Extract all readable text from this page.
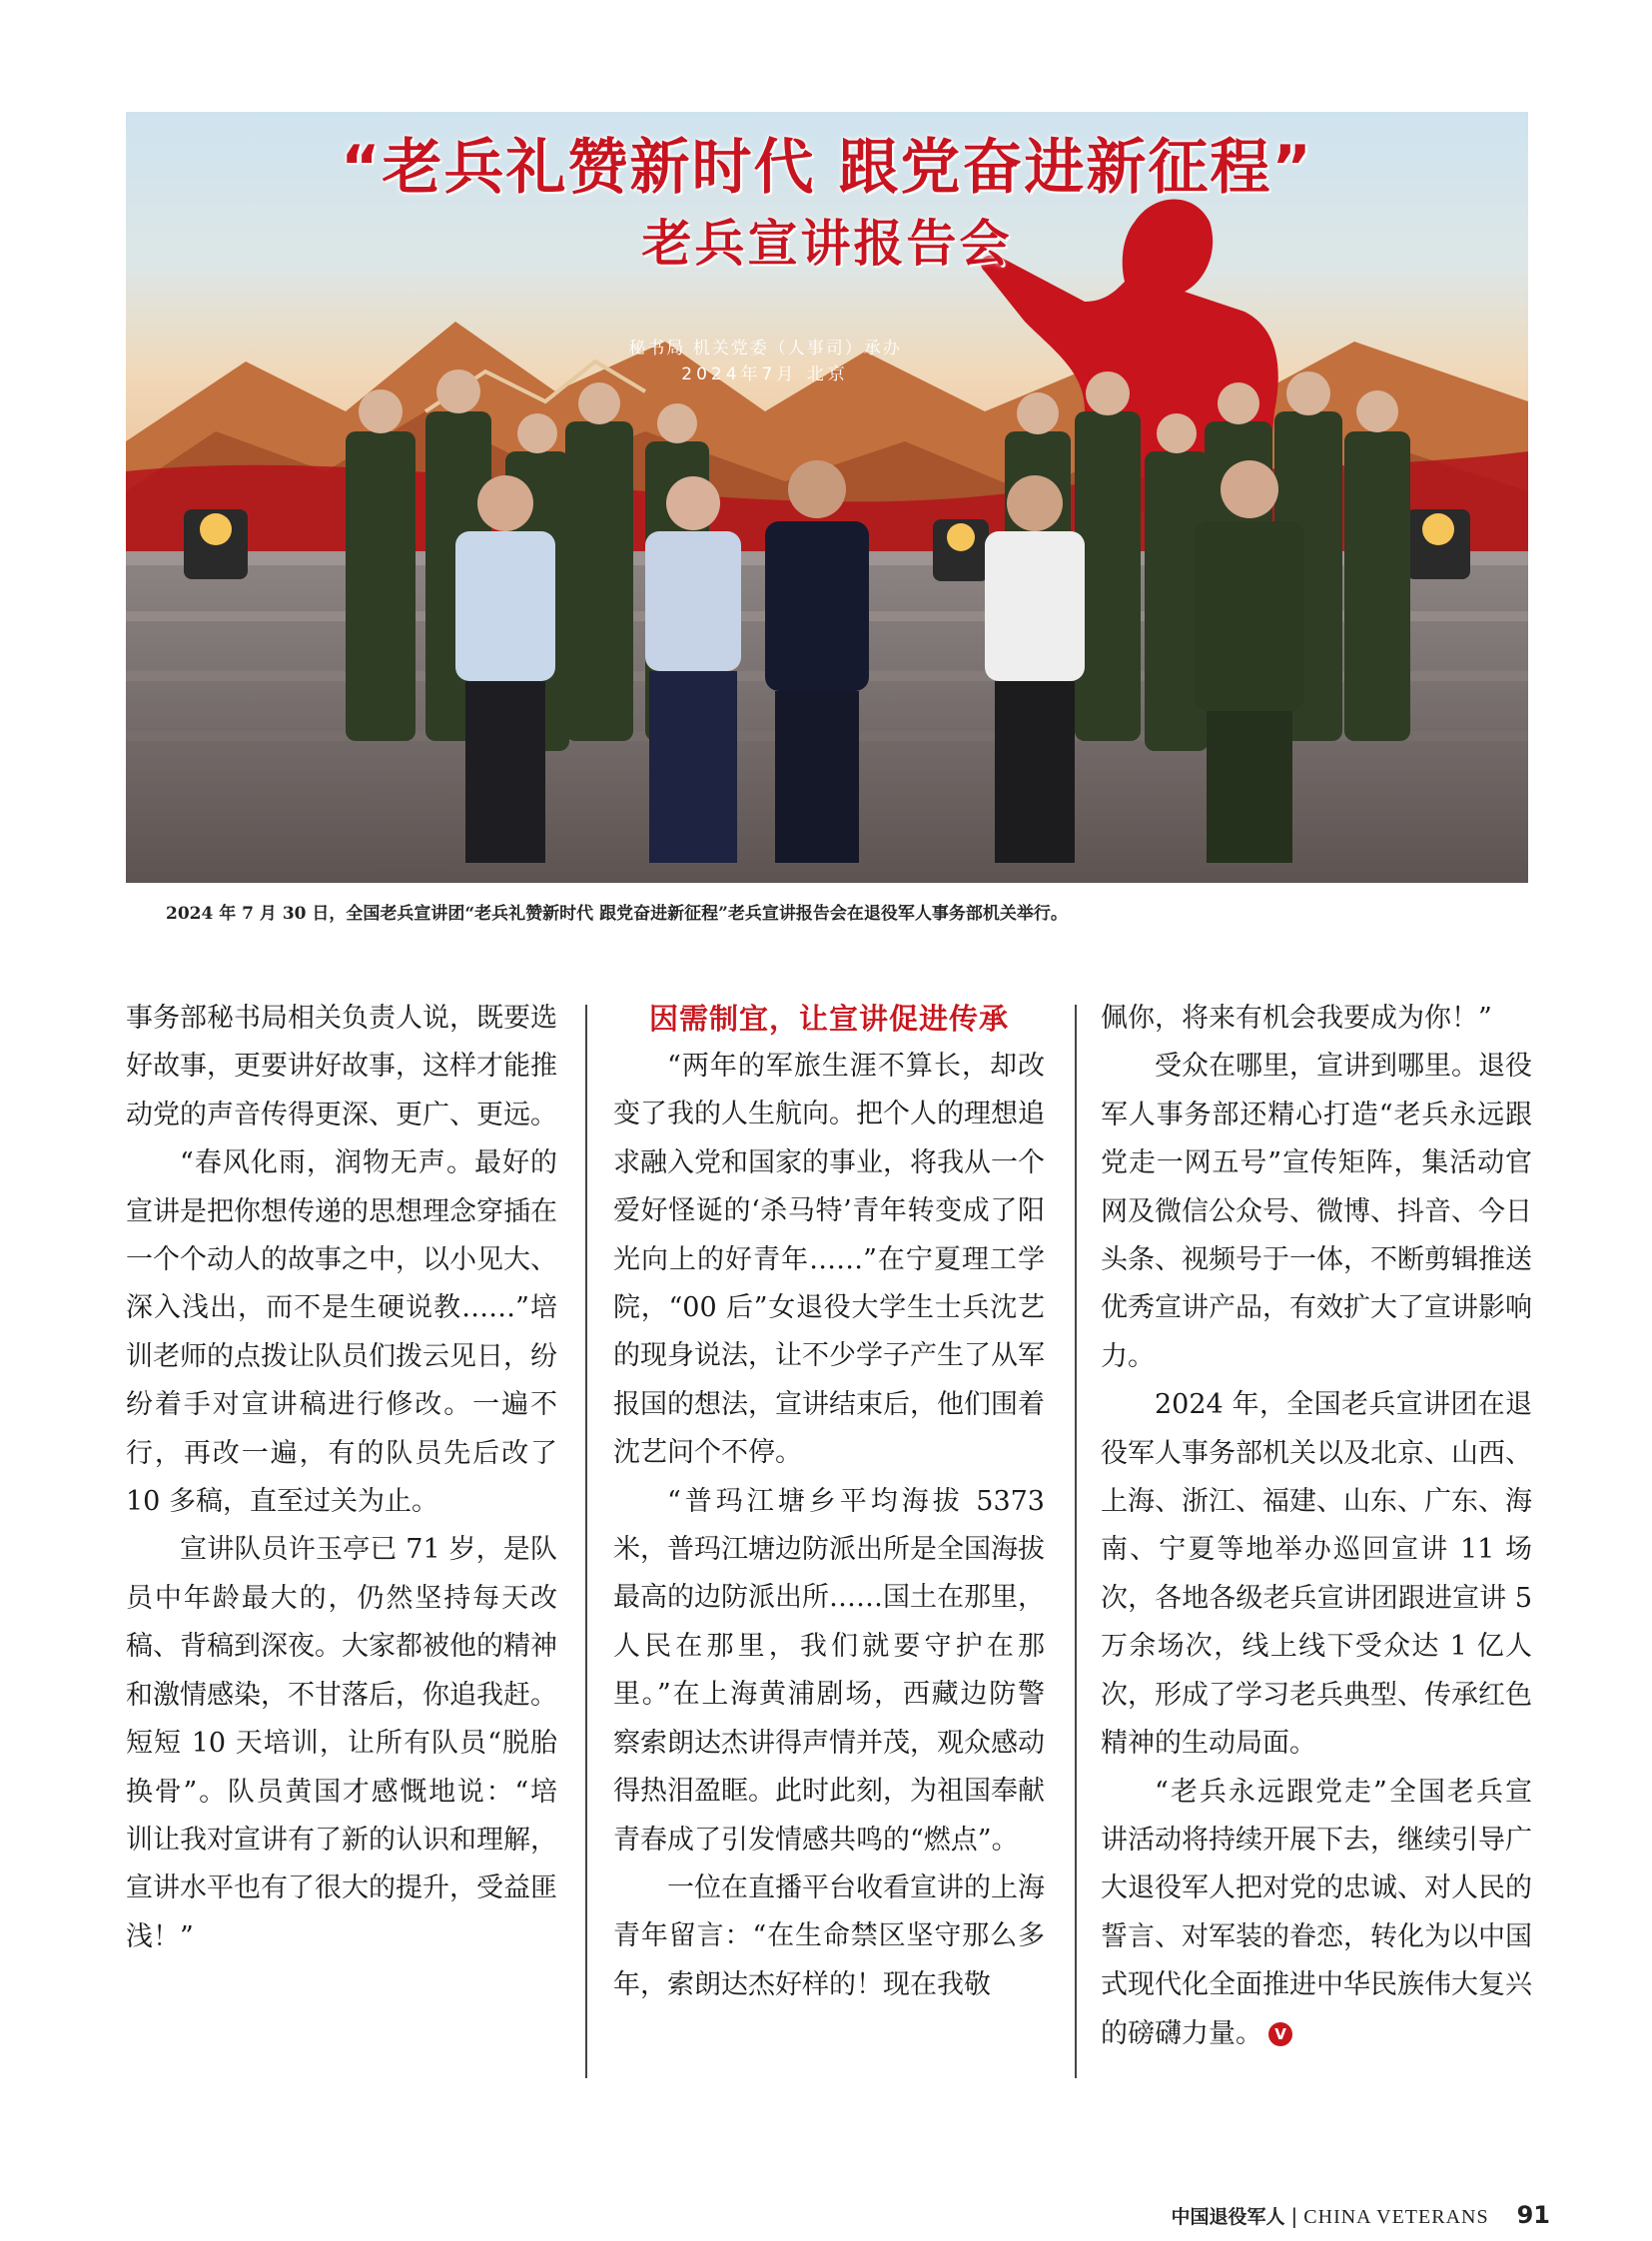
“老兵礼赞新时代 跟党奋进新征程”
老兵宣讲报告会
秘书局 机关党委（人事司）承办
2024年7月 北京
2024 年 7 月 30 日，全国老兵宣讲团“老兵礼赞新时代 跟党奋进新征程”老兵宣讲报告会在退役军人事务部机关举行。

事务部秘书局相关负责人说，既要选好故事，更要讲好故事，这样才能推动党的声音传得更深、更广、更远。

“春风化雨，润物无声。最好的宣讲是把你想传递的思想理念穿插在一个个动人的故事之中，以小见大、深入浅出，而不是生硬说教……”培训老师的点拨让队员们拨云见日，纷纷着手对宣讲稿进行修改。一遍不行，再改一遍，有的队员先后改了 10 多稿，直至过关为止。

宣讲队员许玉亭已 71 岁，是队员中年龄最大的，仍然坚持每天改稿、背稿到深夜。大家都被他的精神和激情感染，不甘落后，你追我赶。短短 10 天培训，让所有队员“脱胎换骨”。队员黄国才感慨地说：“培训让我对宣讲有了新的认识和理解，宣讲水平也有了很大的提升，受益匪浅！”

因需制宜，让宣讲促进传承

“两年的军旅生涯不算长，却改变了我的人生航向。把个人的理想追求融入党和国家的事业，将我从一个爱好怪诞的‘杀马特’青年转变成了阳光向上的好青年……”在宁夏理工学院，“00 后”女退役大学生士兵沈艺的现身说法，让不少学子产生了从军报国的想法，宣讲结束后，他们围着沈艺问个不停。

“普玛江塘乡平均海拔 5373 米，普玛江塘边防派出所是全国海拔最高的边防派出所……国土在那里，人民在那里，我们就要守护在那里。”在上海黄浦剧场，西藏边防警察索朗达杰讲得声情并茂，观众感动得热泪盈眶。此时此刻，为祖国奉献青春成了引发情感共鸣的“燃点”。

一位在直播平台收看宣讲的上海青年留言：“在生命禁区坚守那么多年，索朗达杰好样的！现在我敬

佩你，将来有机会我要成为你！”

受众在哪里，宣讲到哪里。退役军人事务部还精心打造“老兵永远跟党走一网五号”宣传矩阵，集活动官网及微信公众号、微博、抖音、今日头条、视频号于一体，不断剪辑推送优秀宣讲产品，有效扩大了宣讲影响力。

2024 年，全国老兵宣讲团在退役军人事务部机关以及北京、山西、上海、浙江、福建、山东、广东、海南、宁夏等地举办巡回宣讲 11 场次，各地各级老兵宣讲团跟进宣讲 5 万余场次，线上线下受众达 1 亿人次，形成了学习老兵典型、传承红色精神的生动局面。

“老兵永远跟党走”全国老兵宣讲活动将持续开展下去，继续引导广大退役军人把对党的忠诚、对人民的誓言、对军装的眷恋，转化为以中国式现代化全面推进中华民族伟大复兴的磅礴力量。 V

中国退役军人 | CHINA VETERANS 91
